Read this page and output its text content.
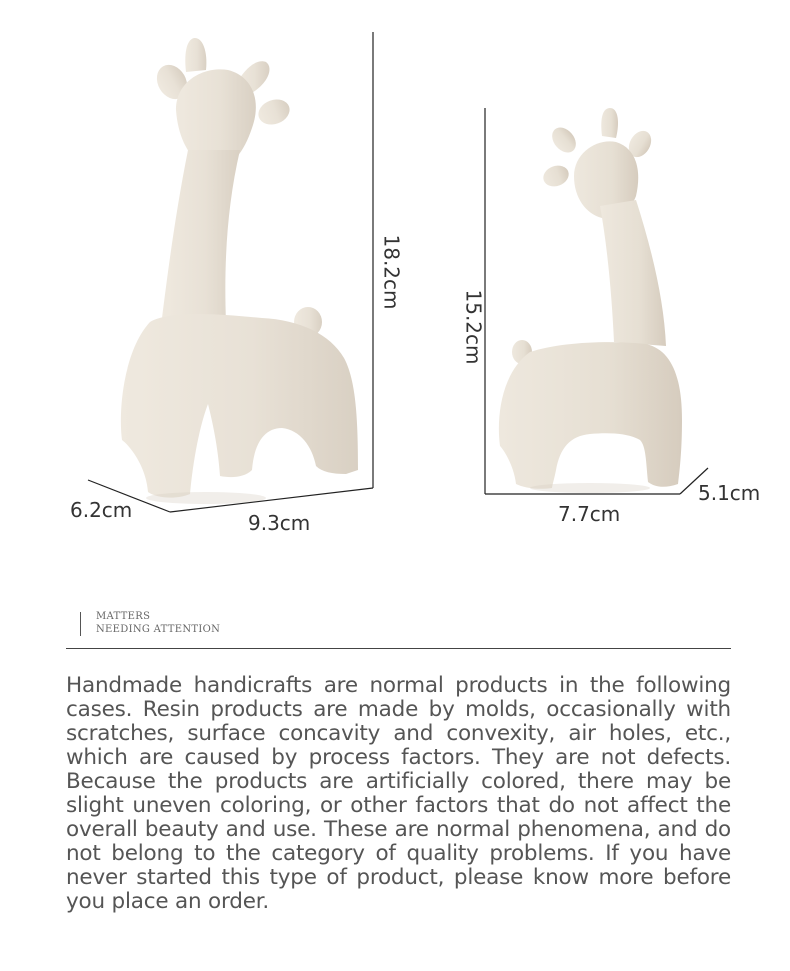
18.2cm
6.2cm
9.3cm
15.2cm
5.1cm
7.7cm
MATTERS
NEEDING ATTENTION

Handmade handicrafts are normal products in the following cases. Resin products are made by molds, occasionally with scratches, surface concavity and convexity, air holes, etc., which are caused by process factors. They are not defects. Because the products are artificially colored, there may be slight uneven coloring, or other factors that do not affect the overall beauty and use. These are normal phenomena, and do not belong to the category of quality problems. If you have never started this type of product, please know more before you place an order.
